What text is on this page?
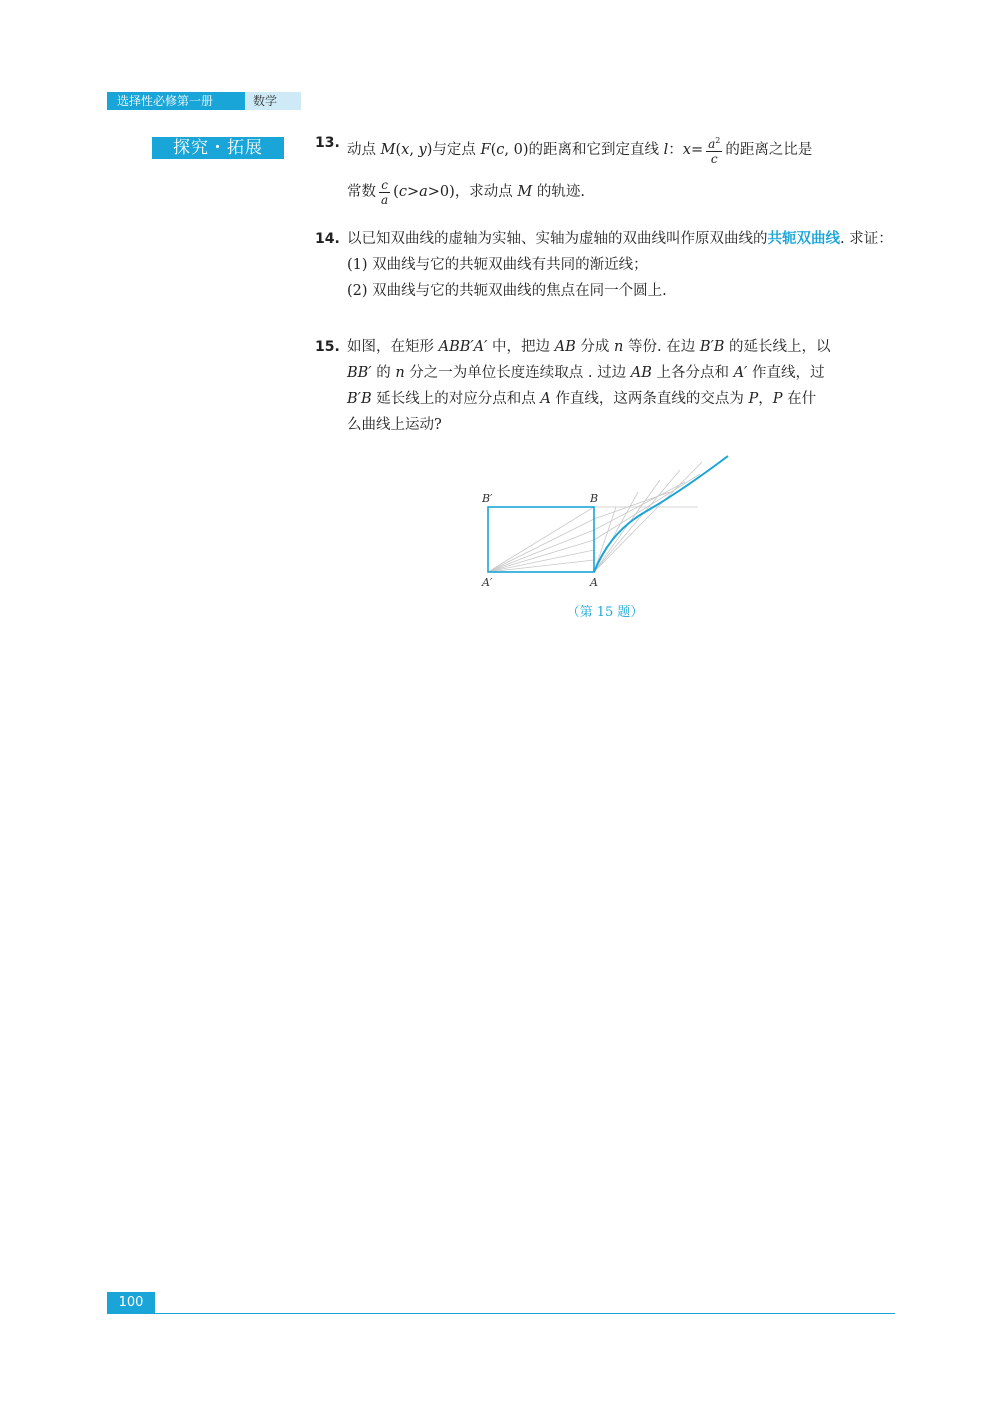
选择性必修第一册	数学
探究・拓展	13. 动点 M(x, y)与定点 F(c, 0)的距离和它到定直线 l：$x= \frac{a^2}{c}$ 的距离之比是
常数 $\frac{c}{a} (c>a>0)$，求动点 M 的轨迹.
14. 以已知双曲线的虚轴为实轴、实轴为虚轴的双曲线叫作原双曲线的共轭双曲线. 求证：
(1) 双曲线与它的共轭双曲线有共同的渐近线；
(2) 双曲线与它的共轭双曲线的焦点在同一个圆上.
15. 如图，在矩形 ABB′A′ 中，把边 AB 分成 n 等份. 在边 B′B 的延长线上，以
BB′ 的 n 分之一为单位长度连续取点 . 过边 AB 上各分点和 A′ 作直线，过
B′B 延长线上的对应分点和点 A 作直线，这两条直线的交点为 P，P 在什
么曲线上运动?
B′	B
A′	A
（第 15 题）
100
